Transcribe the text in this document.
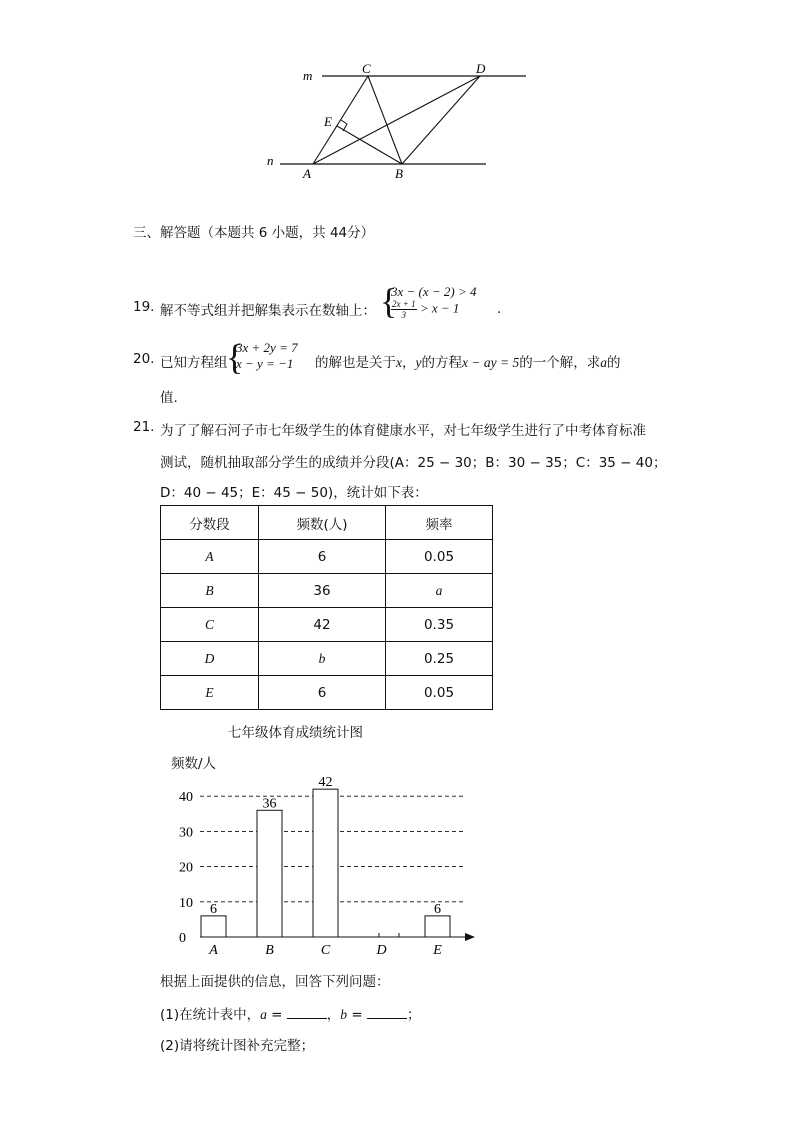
m
n
C	D
E
A	B
三、解答题（本题共 6 小题，共 44分）
19. 解不等式组并把解集表示在数轴上： {
3x − (x − 2) > 4
$\frac{2x + 1}{3} > x - 1$	.
20. 已知方程组
{
3x + 2y = 7
x − y = −1 的解也是关于x，y的方程x − ay = 5的一个解，求a的
值.
21. 为了了解石河子市七年级学生的体育健康水平，对七年级学生进行了中考体育标准
测试，随机抽取部分学生的成绩并分段(A：25 − 30；B：30 − 35；C：35 − 40；
D：40 − 45；E：45 − 50)，统计如下表：
分数段	频数(人)	频率
A	6	0.05
B	36	a
C	42	0.35
D	b	0.25
E	6	0.05
七年级体育成绩统计图
频数/人
0
10
20
30
40
6
A
36
B
42
C	D
6
E
根据上面提供的信息，回答下列问题：
(1)在统计表中，a =	，b =	；
(2)请将统计图补充完整；
